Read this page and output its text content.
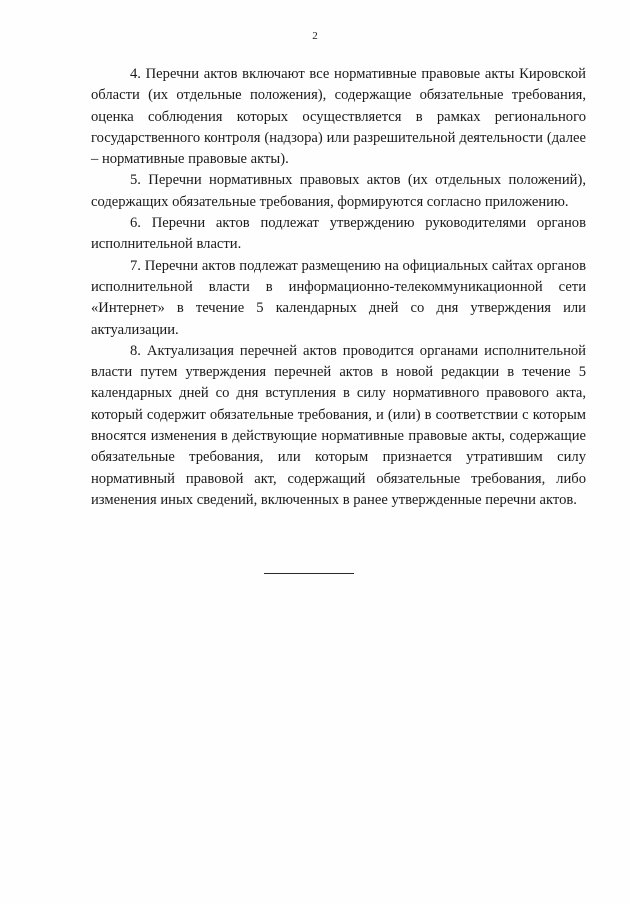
2

4. Перечни актов включают все нормативные правовые акты Кировской области (их отдельные положения), содержащие обязательные требования, оценка соблюдения которых осуществляется в рамках регионального государственного контроля (надзора) или разрешительной деятельности (далее – нормативные правовые акты).

5. Перечни нормативных правовых актов (их отдельных положений), содержащих обязательные требования, формируются согласно приложению.

6. Перечни актов подлежат утверждению руководителями органов исполнительной власти.

7. Перечни актов подлежат размещению на официальных сайтах органов исполнительной власти в информационно-телекоммуникационной сети «Интернет» в течение 5 календарных дней со дня утверждения или актуализации.

8. Актуализация перечней актов проводится органами исполнительной власти путем утверждения перечней актов в новой редакции в течение 5 календарных дней со дня вступления в силу нормативного правового акта, который содержит обязательные требования, и (или) в соответствии с которым вносятся изменения в действующие нормативные правовые акты, содержащие обязательные требования, или которым признается утратившим силу нормативный правовой акт, содержащий обязательные требования, либо изменения иных сведений, включенных в ранее утвержденные перечни актов.
